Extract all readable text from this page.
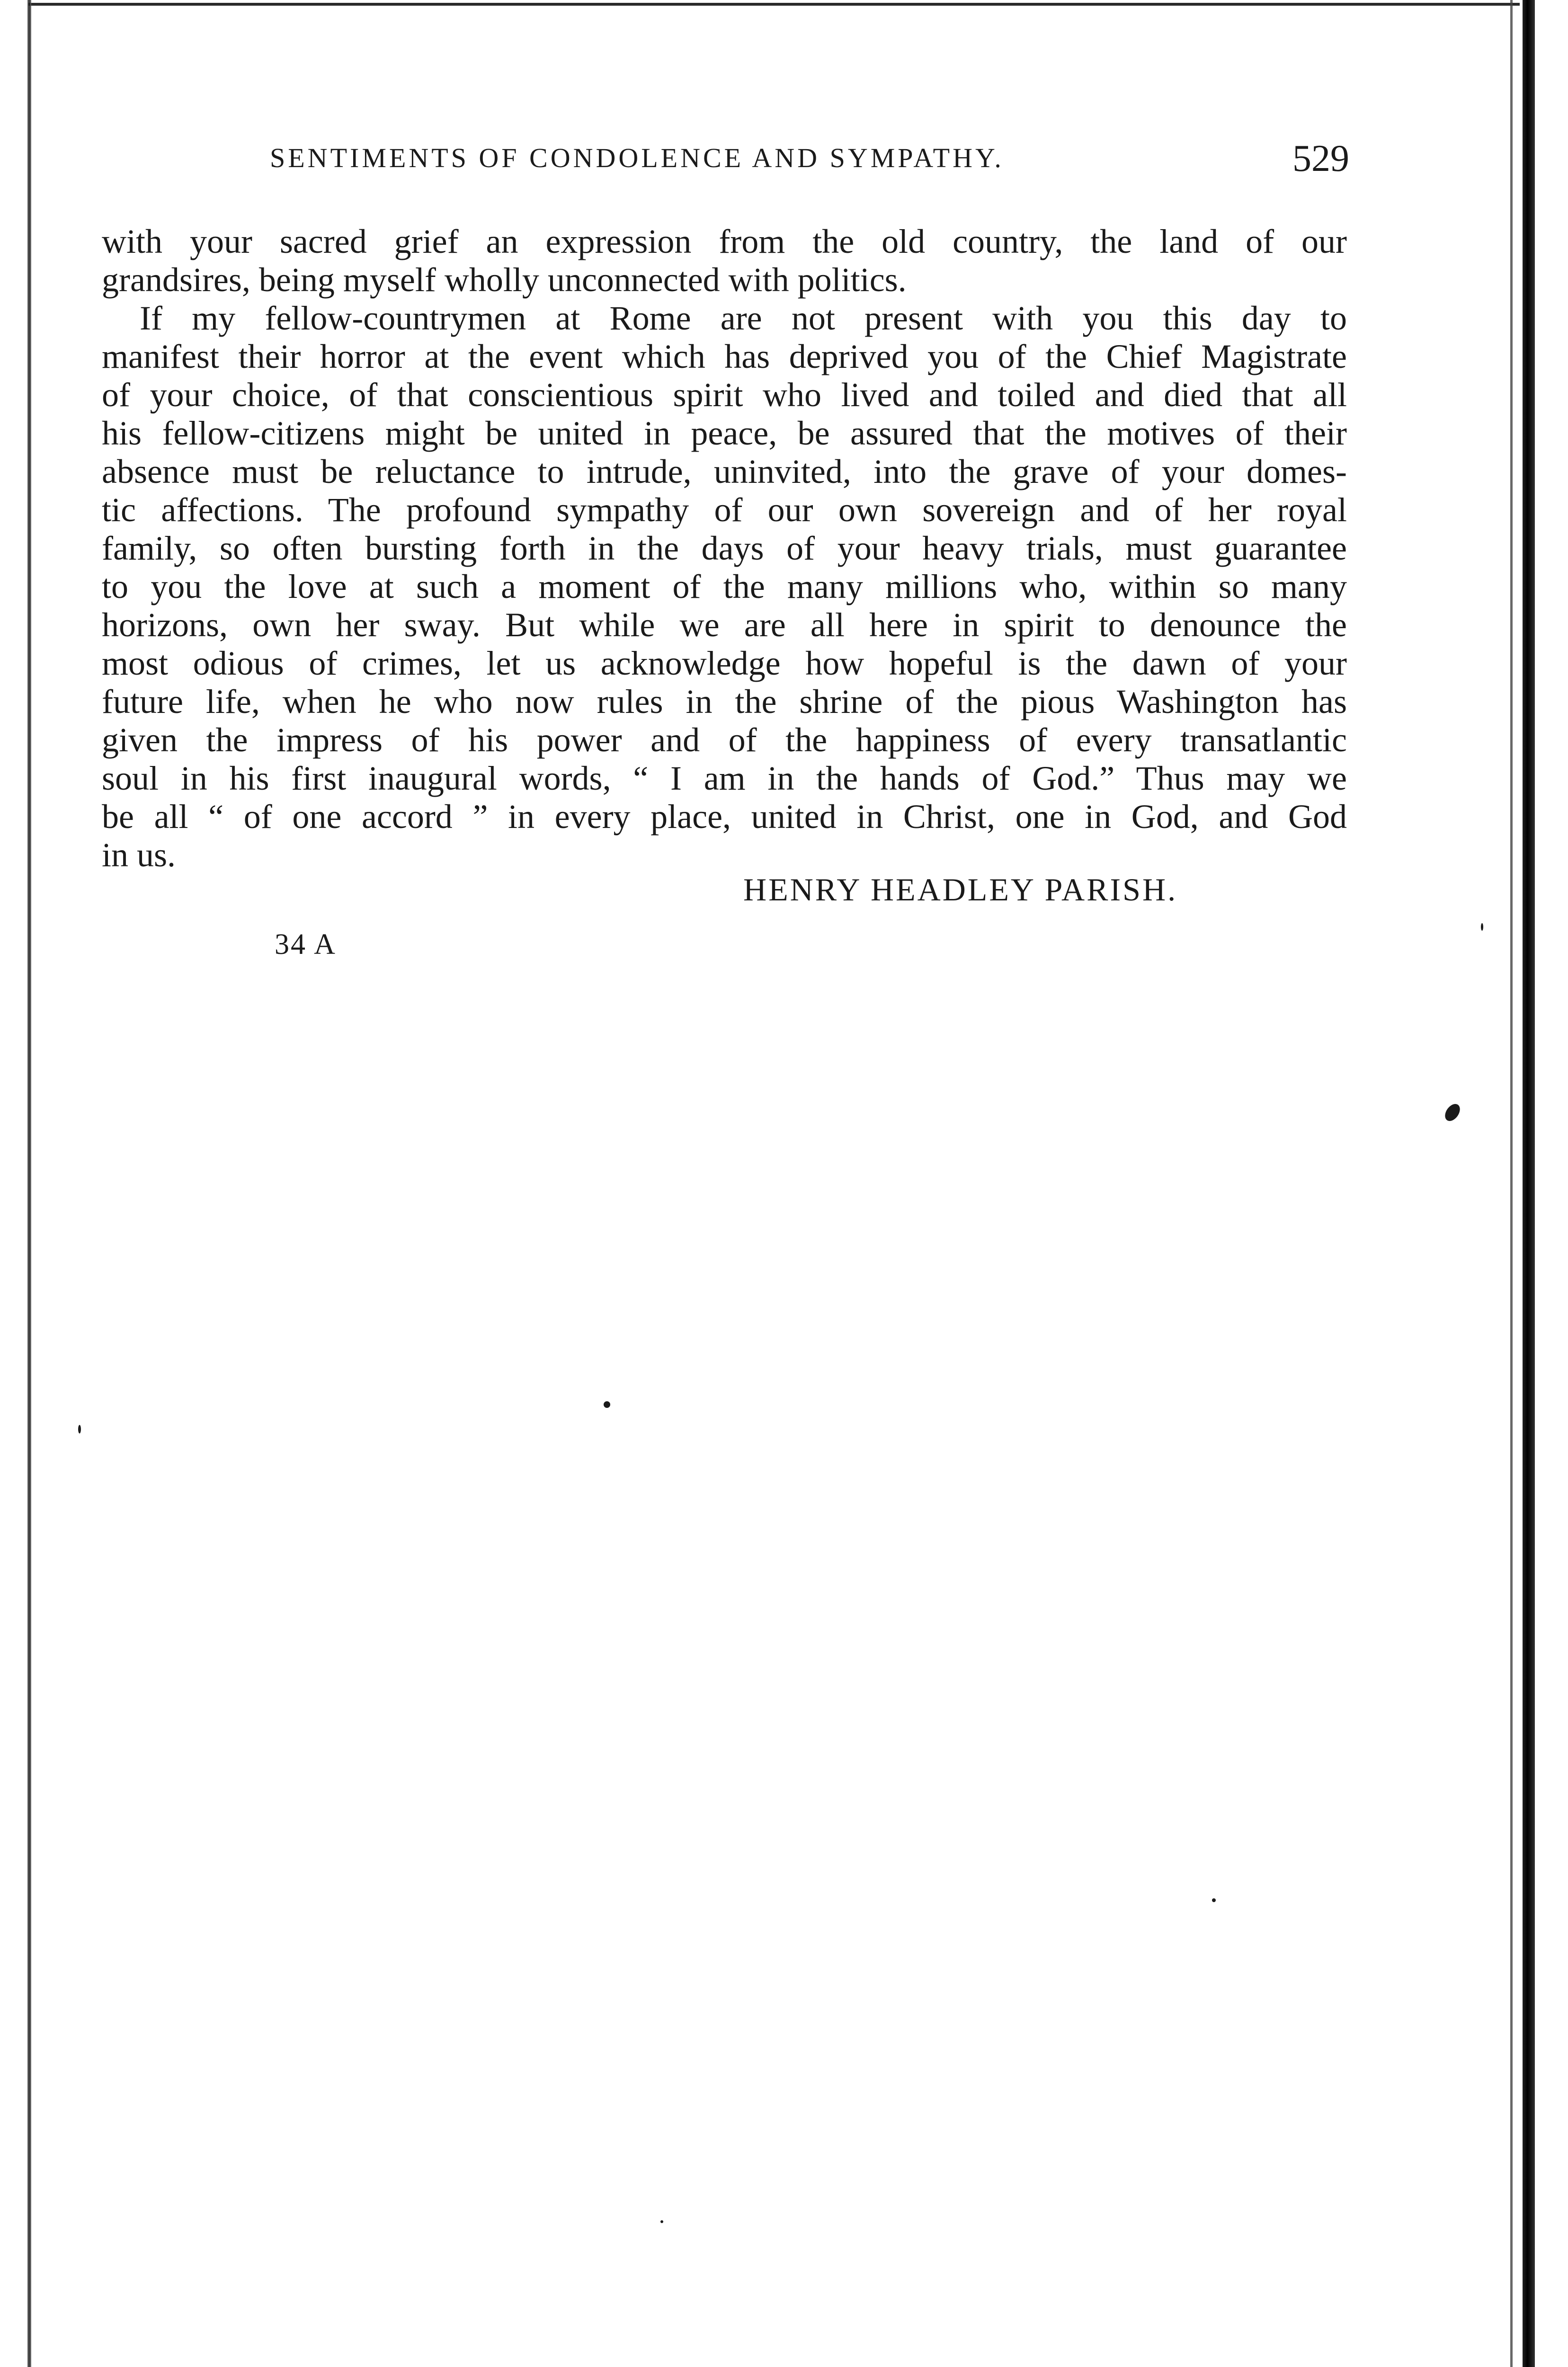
SENTIMENTS OF CONDOLENCE AND SYMPATHY.	529
with your sacred grief an expression from the old country, the land of our
grandsires, being myself wholly unconnected with politics.
If my fellow-countrymen at Rome are not present with you this day to
manifest their horror at the event which has deprived you of the Chief Magistrate
of your choice, of that conscientious spirit who lived and toiled and died that all
his fellow-citizens might be united in peace, be assured that the motives of their
absence must be reluctance to intrude, uninvited, into the grave of your domes-
tic affections. The profound sympathy of our own sovereign and of her royal
family, so often bursting forth in the days of your heavy trials, must guarantee
to you the love at such a moment of the many millions who, within so many
horizons, own her sway. But while we are all here in spirit to denounce the
most odious of crimes, let us acknowledge how hopeful is the dawn of your
future life, when he who now rules in the shrine of the pious Washington has
given the impress of his power and of the happiness of every transatlantic
soul in his first inaugural words, “ I am in the hands of God.” Thus may we
be all “ of one accord ” in every place, united in Christ, one in God, and God
in us.
HENRY HEADLEY PARISH.
34 A
